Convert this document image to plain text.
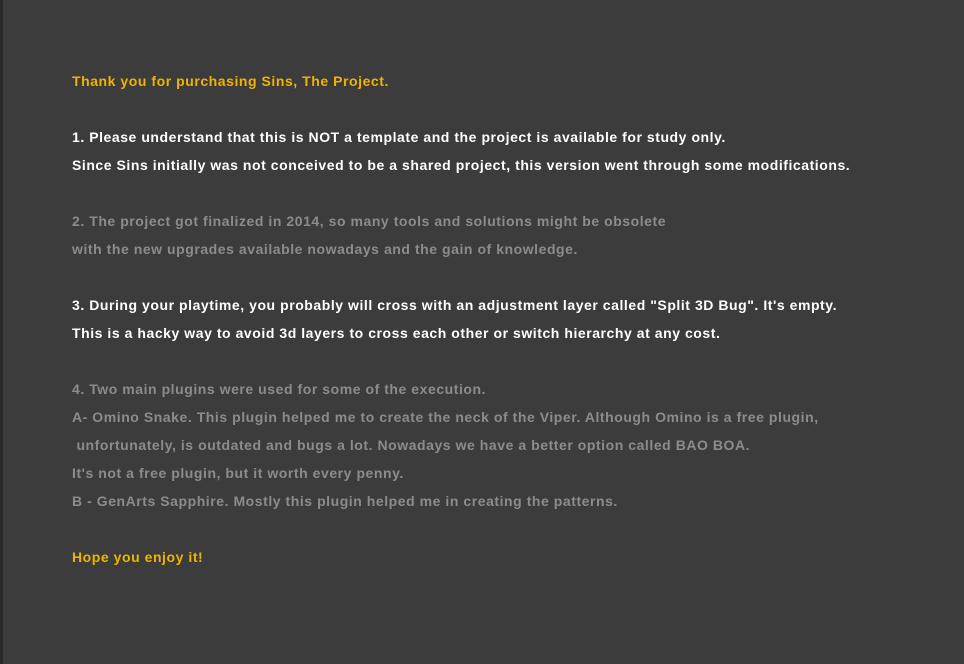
Thank you for purchasing Sins, The Project.

1. Please understand that this is NOT a template and the project is available for study only.
Since Sins initially was not conceived to be a shared project, this version went through some modifications.

2. The project got finalized in 2014, so many tools and solutions might be obsolete
with the new upgrades available nowadays and the gain of knowledge.

3. During your playtime, you probably will cross with an adjustment layer called "Split 3D Bug". It's empty.
This is a hacky way to avoid 3d layers to cross each other or switch hierarchy at any cost.

4. Two main plugins were used for some of the execution.
A- Omino Snake. This plugin helped me to create the neck of the Viper. Although Omino is a free plugin,
unfortunately, is outdated and bugs a lot. Nowadays we have a better option called BAO BOA.
It's not a free plugin, but it worth every penny.
B - GenArts Sapphire. Mostly this plugin helped me in creating the patterns.

Hope you enjoy it!
